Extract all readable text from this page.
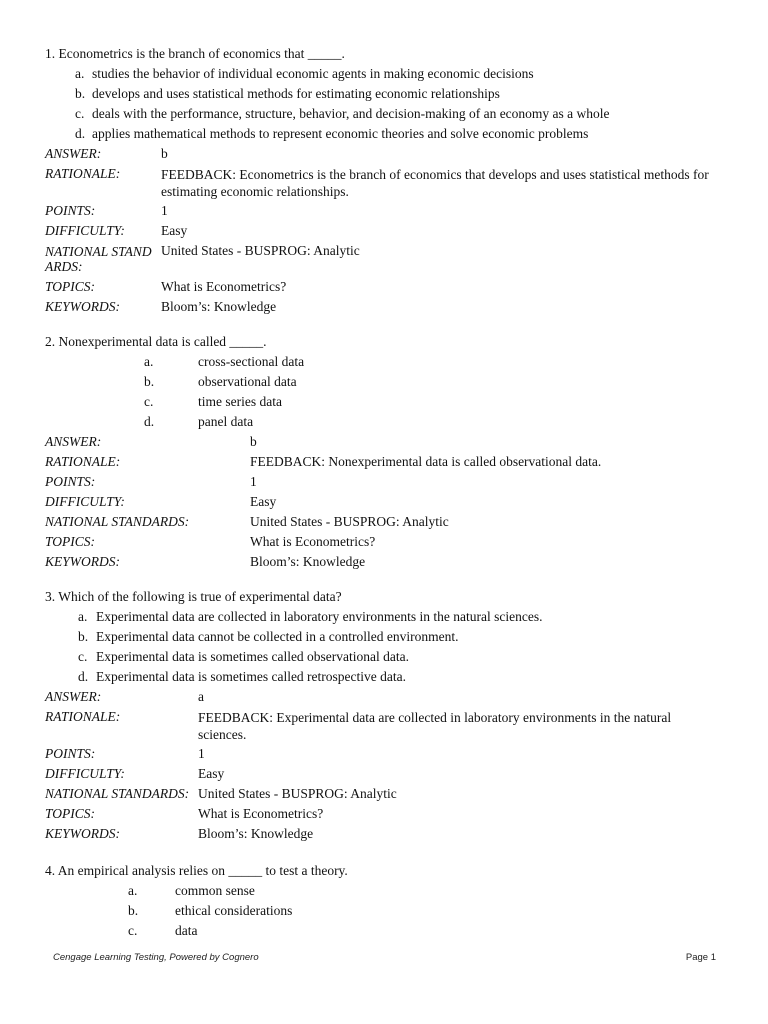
1. Econometrics is the branch of economics that _____.
a. studies the behavior of individual economic agents in making economic decisions
b. develops and uses statistical methods for estimating economic relationships
c. deals with the performance, structure, behavior, and decision-making of an economy as a whole
d. applies mathematical methods to represent economic theories and solve economic problems
ANSWER:	b
RATIONALE:	FEEDBACK: Econometrics is the branch of economics that develops and uses statistical methods for estimating economic relationships.
POINTS:	1
DIFFICULTY:	Easy
NATIONAL STANDARDS:
United States - BUSPROG: Analytic
TOPICS:	What is Econometrics?
KEYWORDS:	Bloom’s: Knowledge
2. Nonexperimental data is called _____.
a.	cross-sectional data
b.	observational data
c.	time series data
d.	panel data
ANSWER:	b
RATIONALE:	FEEDBACK: Nonexperimental data is called observational data.
POINTS:	1
DIFFICULTY:	Easy
NATIONAL STANDARDS:	United States - BUSPROG: Analytic
TOPICS:	What is Econometrics?
KEYWORDS:	Bloom’s: Knowledge
3. Which of the following is true of experimental data?
a. Experimental data are collected in laboratory environments in the natural sciences.
b. Experimental data cannot be collected in a controlled environment.
c. Experimental data is sometimes called observational data.
d. Experimental data is sometimes called retrospective data.
ANSWER:	a
RATIONALE:	FEEDBACK: Experimental data are collected in laboratory environments in the natural sciences.
POINTS:	1
DIFFICULTY:	Easy
NATIONAL STANDARDS: United States - BUSPROG: Analytic
TOPICS:	What is Econometrics?
KEYWORDS:	Bloom’s: Knowledge
4. An empirical analysis relies on _____ to test a theory.
a.	common sense
b.	ethical considerations
c.	data
Cengage Learning Testing, Powered by Cognero	Page 1
